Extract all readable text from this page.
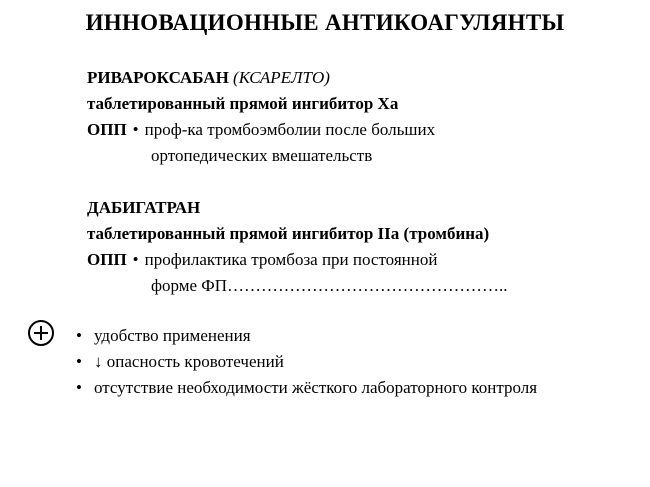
ИННОВАЦИОННЫЕ АНТИКОАГУЛЯНТЫ
РИВАРОКСАБАН (КСАРЕЛТО)
таблетированный прямой ингибитор Ха
ОПП • проф-ка тромбоэмболии после больших
ортопедических вмешательств
ДАБИГАТРАН
таблетированный прямой ингибитор IIa (тромбина)
ОПП • профилактика тромбоза при постоянной
форме ФП…………………………………………..
• удобство применения
• ↓ опасность кровотечений
• отсутствие необходимости жёсткого лабораторного контроля
